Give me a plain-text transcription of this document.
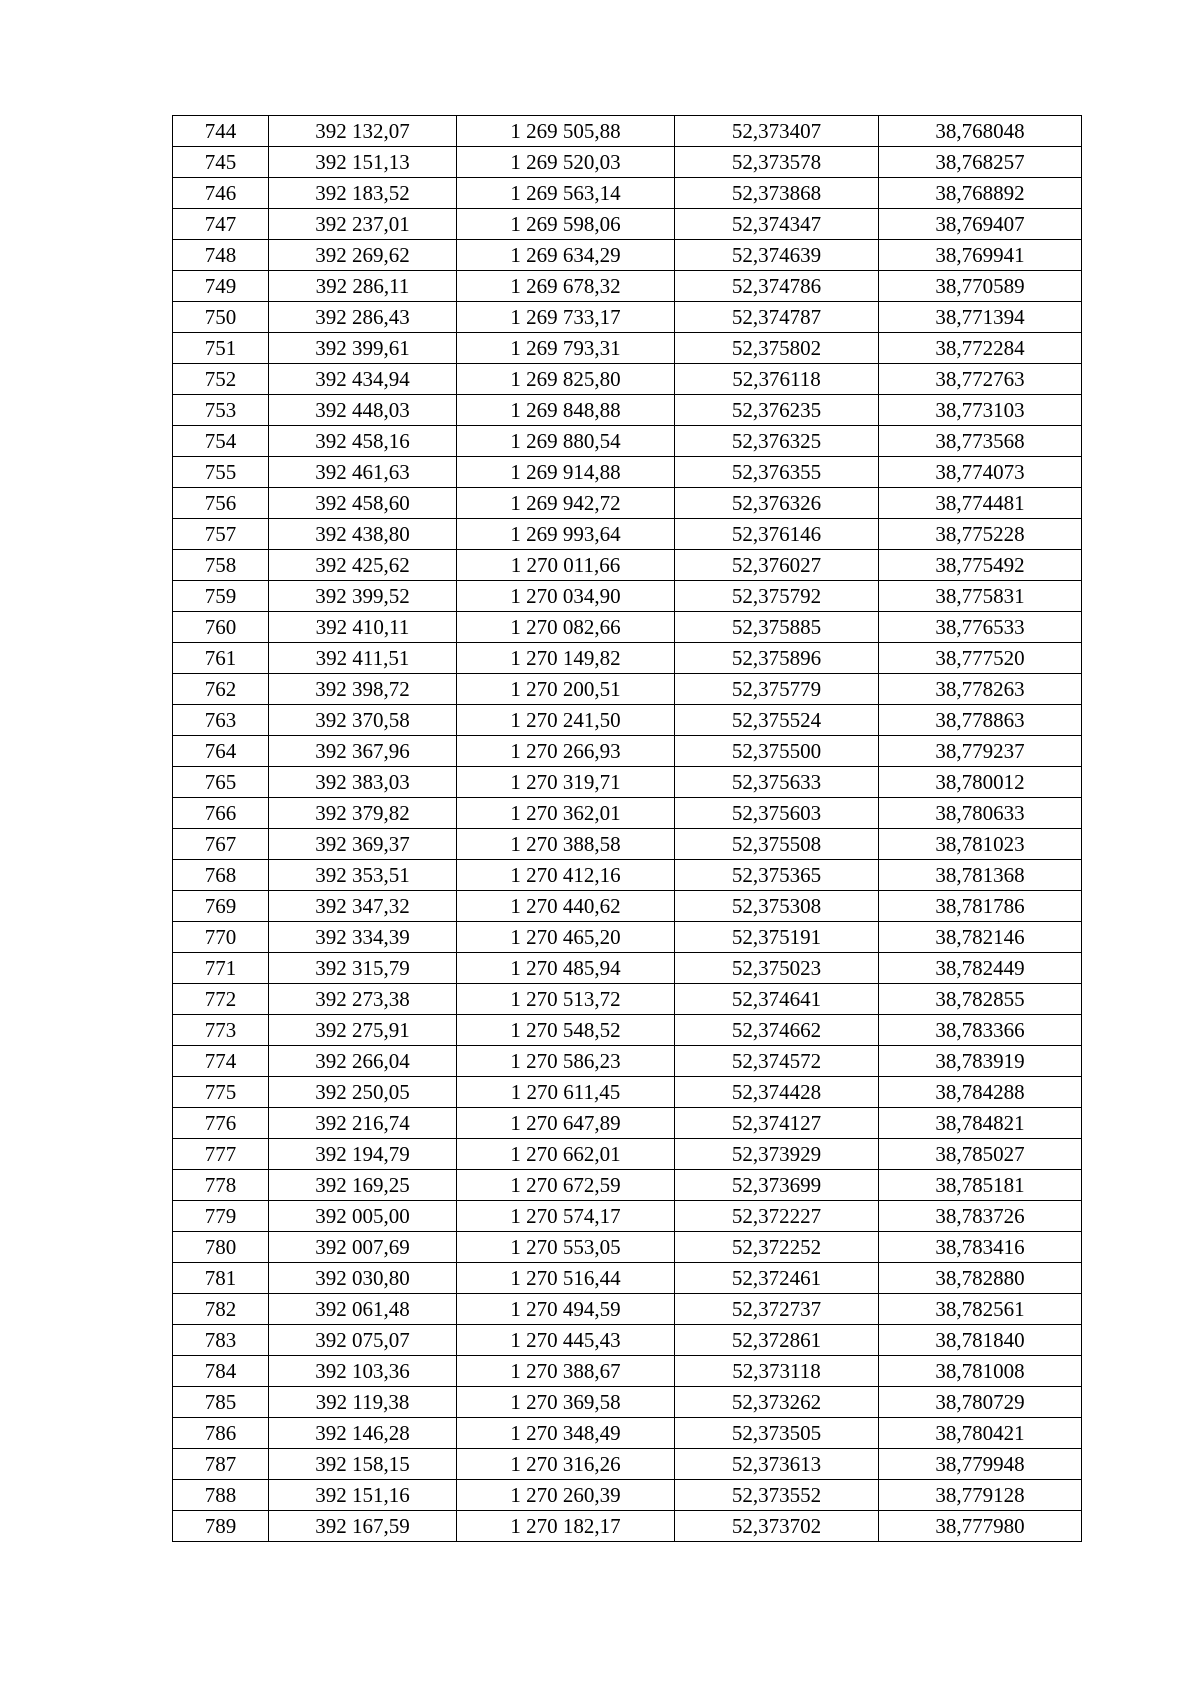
744	392 132,07	1 269 505,88	52,373407	38,768048
745	392 151,13	1 269 520,03	52,373578	38,768257
746	392 183,52	1 269 563,14	52,373868	38,768892
747	392 237,01	1 269 598,06	52,374347	38,769407
748	392 269,62	1 269 634,29	52,374639	38,769941
749	392 286,11	1 269 678,32	52,374786	38,770589
750	392 286,43	1 269 733,17	52,374787	38,771394
751	392 399,61	1 269 793,31	52,375802	38,772284
752	392 434,94	1 269 825,80	52,376118	38,772763
753	392 448,03	1 269 848,88	52,376235	38,773103
754	392 458,16	1 269 880,54	52,376325	38,773568
755	392 461,63	1 269 914,88	52,376355	38,774073
756	392 458,60	1 269 942,72	52,376326	38,774481
757	392 438,80	1 269 993,64	52,376146	38,775228
758	392 425,62	1 270 011,66	52,376027	38,775492
759	392 399,52	1 270 034,90	52,375792	38,775831
760	392 410,11	1 270 082,66	52,375885	38,776533
761	392 411,51	1 270 149,82	52,375896	38,777520
762	392 398,72	1 270 200,51	52,375779	38,778263
763	392 370,58	1 270 241,50	52,375524	38,778863
764	392 367,96	1 270 266,93	52,375500	38,779237
765	392 383,03	1 270 319,71	52,375633	38,780012
766	392 379,82	1 270 362,01	52,375603	38,780633
767	392 369,37	1 270 388,58	52,375508	38,781023
768	392 353,51	1 270 412,16	52,375365	38,781368
769	392 347,32	1 270 440,62	52,375308	38,781786
770	392 334,39	1 270 465,20	52,375191	38,782146
771	392 315,79	1 270 485,94	52,375023	38,782449
772	392 273,38	1 270 513,72	52,374641	38,782855
773	392 275,91	1 270 548,52	52,374662	38,783366
774	392 266,04	1 270 586,23	52,374572	38,783919
775	392 250,05	1 270 611,45	52,374428	38,784288
776	392 216,74	1 270 647,89	52,374127	38,784821
777	392 194,79	1 270 662,01	52,373929	38,785027
778	392 169,25	1 270 672,59	52,373699	38,785181
779	392 005,00	1 270 574,17	52,372227	38,783726
780	392 007,69	1 270 553,05	52,372252	38,783416
781	392 030,80	1 270 516,44	52,372461	38,782880
782	392 061,48	1 270 494,59	52,372737	38,782561
783	392 075,07	1 270 445,43	52,372861	38,781840
784	392 103,36	1 270 388,67	52,373118	38,781008
785	392 119,38	1 270 369,58	52,373262	38,780729
786	392 146,28	1 270 348,49	52,373505	38,780421
787	392 158,15	1 270 316,26	52,373613	38,779948
788	392 151,16	1 270 260,39	52,373552	38,779128
789	392 167,59	1 270 182,17	52,373702	38,777980
